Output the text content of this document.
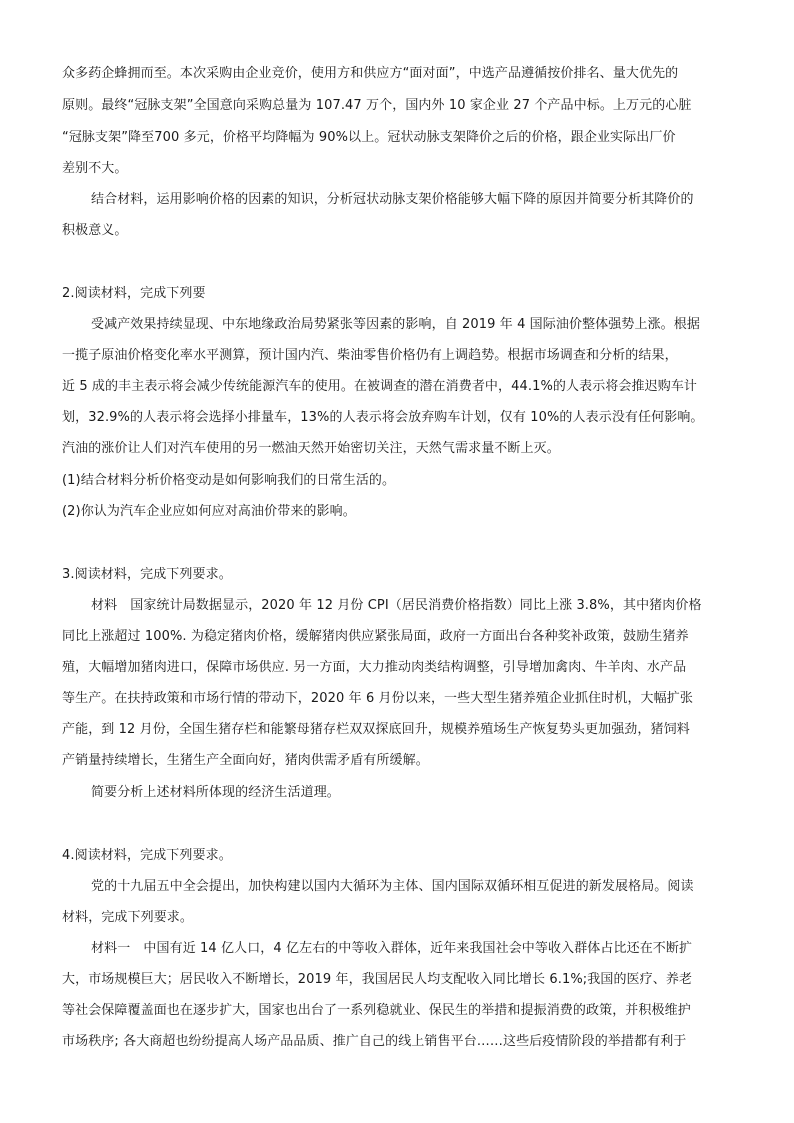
众多药企蜂拥而至。本次采购由企业竞价，使用方和供应方“面对面”，中选产品遵循按价排名、量大优先的
原则。最终“冠脉支架”全国意向采购总量为 107.47 万个，国内外 10 家企业 27 个产品中标。上万元的心脏
“冠脉支架”降至700 多元，价格平均降幅为 90%以上。冠状动脉支架降价之后的价格，跟企业实际出厂价
差别不大。
结合材料，运用影响价格的因素的知识，分析冠状动脉支架价格能够大幅下降的原因并简要分析其降价的
积极意义。
2.阅读材料，完成下列要
受减产效果持续显现、中东地缘政治局势紧张等因素的影响，自 2019 年 4 国际油价整体强势上涨。根据
一揽子原油价格变化率水平测算，预计国内汽、柴油零售价格仍有上调趋势。根据市场调查和分析的结果，
近 5 成的丰主表示将会减少传统能源汽车的使用。在被调查的潜在消费者中，44.1%的人表示将会推迟购车计
划，32.9%的人表示将会选择小排量车，13%的人表示将会放弃购车计划，仅有 10%的人表示没有任何影响。
汽油的涨价让人们对汽车使用的另一燃油天然开始密切关注，天然气需求量不断上灭。
(1)结合材料分析价格变动是如何影响我们的日常生活的。
(2)你认为汽车企业应如何应对高油价带来的影响。
3.阅读材料，完成下列要求。
材料　国家统计局数据显示，2020 年 12 月份 CPI（居民消费价格指数）同比上涨 3.8%，其中猪肉价格
同比上涨超过 100%. 为稳定猪肉价格，缓解猪肉供应紧张局面，政府一方面出台各种奖补政策，鼓励生猪养
殖，大幅增加猪肉进口，保障市场供应. 另一方面，大力推动肉类结构调整，引导增加禽肉、牛羊肉、水产品
等生产。在扶持政策和市场行情的带动下，2020 年 6 月份以来，一些大型生猪养殖企业抓住时机，大幅扩张
产能，到 12 月份，全国生猪存栏和能繁母猪存栏双双探底回升，规模养殖场生产恢复势头更加强劲，猪饲料
产销量持续增长，生猪生产全面向好，猪肉供需矛盾有所缓解。
简要分析上述材料所体现的经济生活道理。
4.阅读材料，完成下列要求。
党的十九届五中全会提出，加快构建以国内大循环为主体、国内国际双循环相互促进的新发展格局。阅读
材料，完成下列要求。
材料一　中国有近 14 亿人口，4 亿左右的中等收入群体，近年来我国社会中等收入群体占比还在不断扩
大，市场规模巨大；居民收入不断增长，2019 年，我国居民人均支配收入同比增长 6.1%;我国的医疗、养老
等社会保障覆盖面也在逐步扩大，国家也出台了一系列稳就业、保民生的举措和提振消费的政策，并积极维护
市场秩序; 各大商超也纷纷提高人场产品品质、推广自己的线上销售平台……这些后疫情阶段的举措都有利于
